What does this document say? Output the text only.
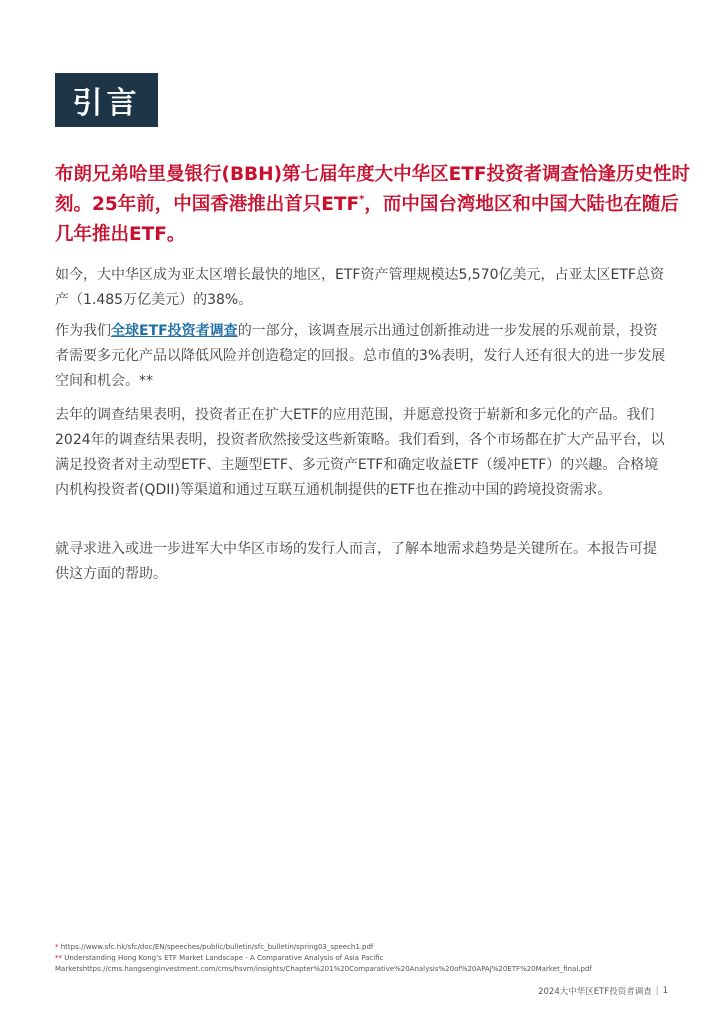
引言
布朗兄弟哈里曼银行(BBH)第七届年度大中华区ETF投资者调查恰逢历史性时刻。25年前，中国香港推出首只ETF*，而中国台湾地区和中国大陆也在随后几年推出ETF。

如今，大中华区成为亚太区增长最快的地区，ETF资产管理规模达5,570亿美元，占亚太区ETF总资产（1.485万亿美元）的38%。

作为我们全球ETF投资者调查的一部分，该调查展示出通过创新推动进一步发展的乐观前景，投资者需要多元化产品以降低风险并创造稳定的回报。总市值的3%表明，发行人还有很大的进一步发展空间和机会。**

去年的调查结果表明，投资者正在扩大ETF的应用范围，并愿意投资于崭新和多元化的产品。我们2024年的调查结果表明，投资者欣然接受这些新策略。我们看到，各个市场都在扩大产品平台，以满足投资者对主动型ETF、主题型ETF、多元资产ETF和确定收益ETF（缓冲ETF）的兴趣。合格境内机构投资者(QDII)等渠道和通过互联互通机制提供的ETF也在推动中国的跨境投资需求。

就寻求进入或进一步进军大中华区市场的发行人而言，了解本地需求趋势是关键所在。本报告可提供这方面的帮助。

* https://www.sfc.hk/sfc/doc/EN/speeches/public/bulletin/sfc_bulletin/spring03_speech1.pdf
** Understanding Hong Kong’s ETF Market Landscape - A Comparative Analysis of Asia Pacific Marketshttps://cms.hangsenginvestment.com/cms/hsvm/insights/Chapter%201%20Comparative%20Analysis%20of%20APAJ%20ETF%20Market_final.pdf
2024大中华区ETF投资者调查 | 1
